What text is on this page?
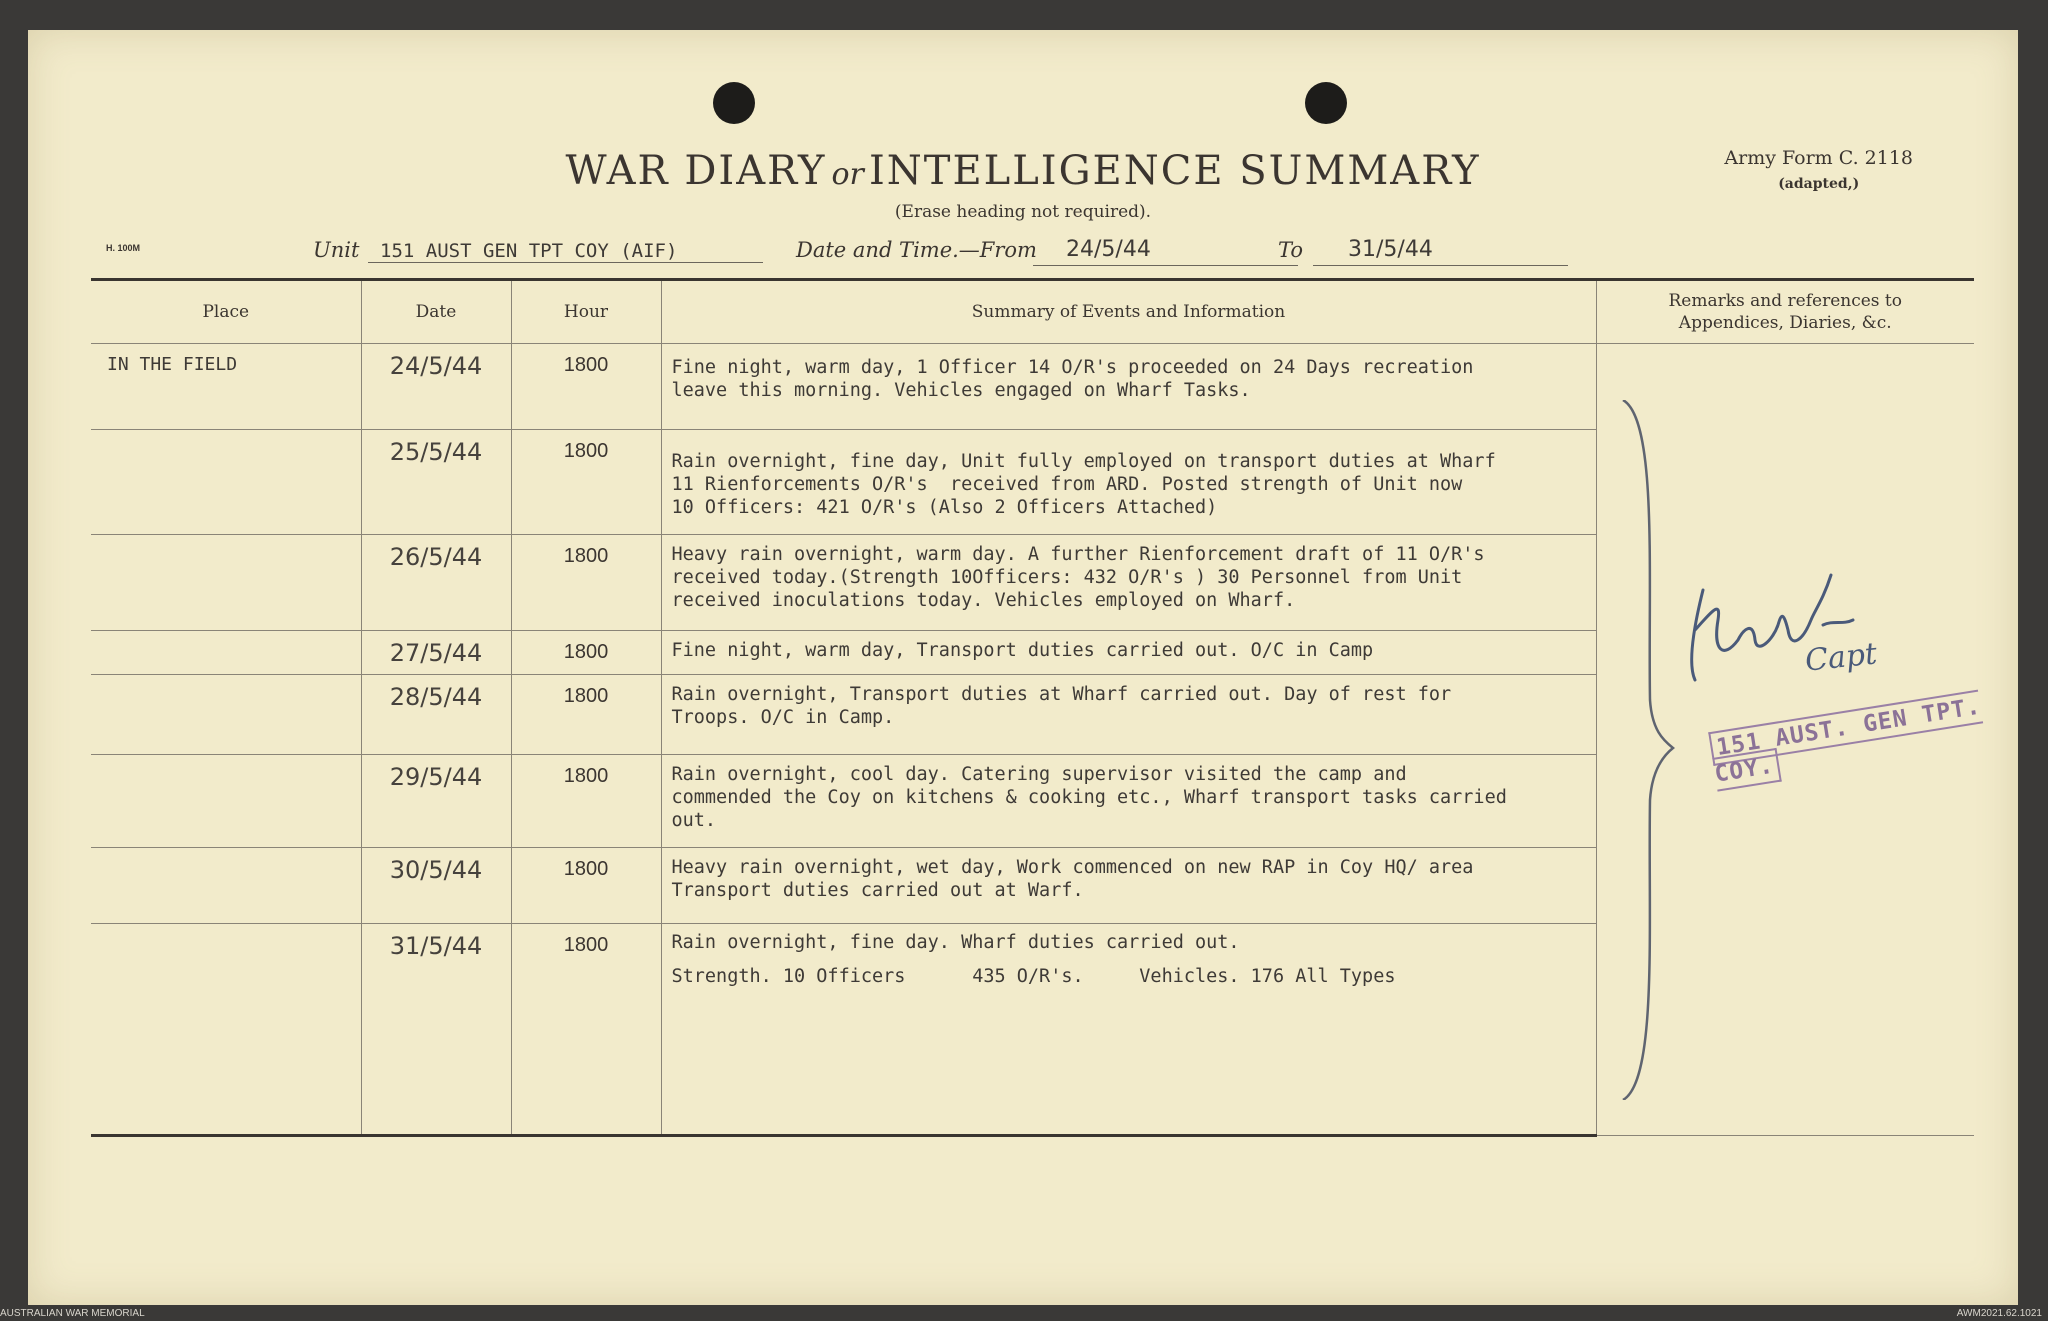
WAR DIARY or INTELLIGENCE SUMMARY
(Erase heading not required).
Army Form C. 2118
(adapted,)
H. 100M	Unit 151 AUST GEN TPT COY (AIF)	Date and Time.—From 24/5/44	To 31/5/44
Place	Date	Hour	Summary of Events and Information	Remarks and references to
Appendices, Diaries, &c.

IN THE FIELD	24/5/44	1800	Fine night, warm day, 1 Officer 14 O/R's proceeded on 24 Days recreation
leave this morning. Vehicles engaged on Wharf Tasks.	
	25/5/44	1800	Rain overnight, fine day, Unit fully employed on transport duties at Wharf
11 Rienforcements O/R's  received from ARD. Posted strength of Unit now
10 Officers: 421 O/R's (Also 2 Officers Attached)	
	26/5/44	1800	Heavy rain overnight, warm day. A further Rienforcement draft of 11 O/R's
received today.(Strength 10Officers: 432 O/R's ) 30 Personnel from Unit
received inoculations today. Vehicles employed on Wharf.	
	27/5/44	1800	Fine night, warm day, Transport duties carried out. O/C in Camp	
	28/5/44	1800	Rain overnight, Transport duties at Wharf carried out. Day of rest for
Troops. O/C in Camp.	
	29/5/44	1800	Rain overnight, cool day. Catering supervisor visited the camp and
commended the Coy on kitchens & cooking etc., Wharf transport tasks carried
out.	
	30/5/44	1800	Heavy rain overnight, wet day, Work commenced on new RAP in Coy HQ/ area
Transport duties carried out at Warf.	
	31/5/44	1800	Rain overnight, fine day. Wharf duties carried out.
Strength. 10 Officers      435 O/R's.     Vehicles. 176 All Types	
Capt
151 AUST. GEN TPT. COY.
AUSTRALIAN WAR MEMORIAL	AWM2021.62.1021
